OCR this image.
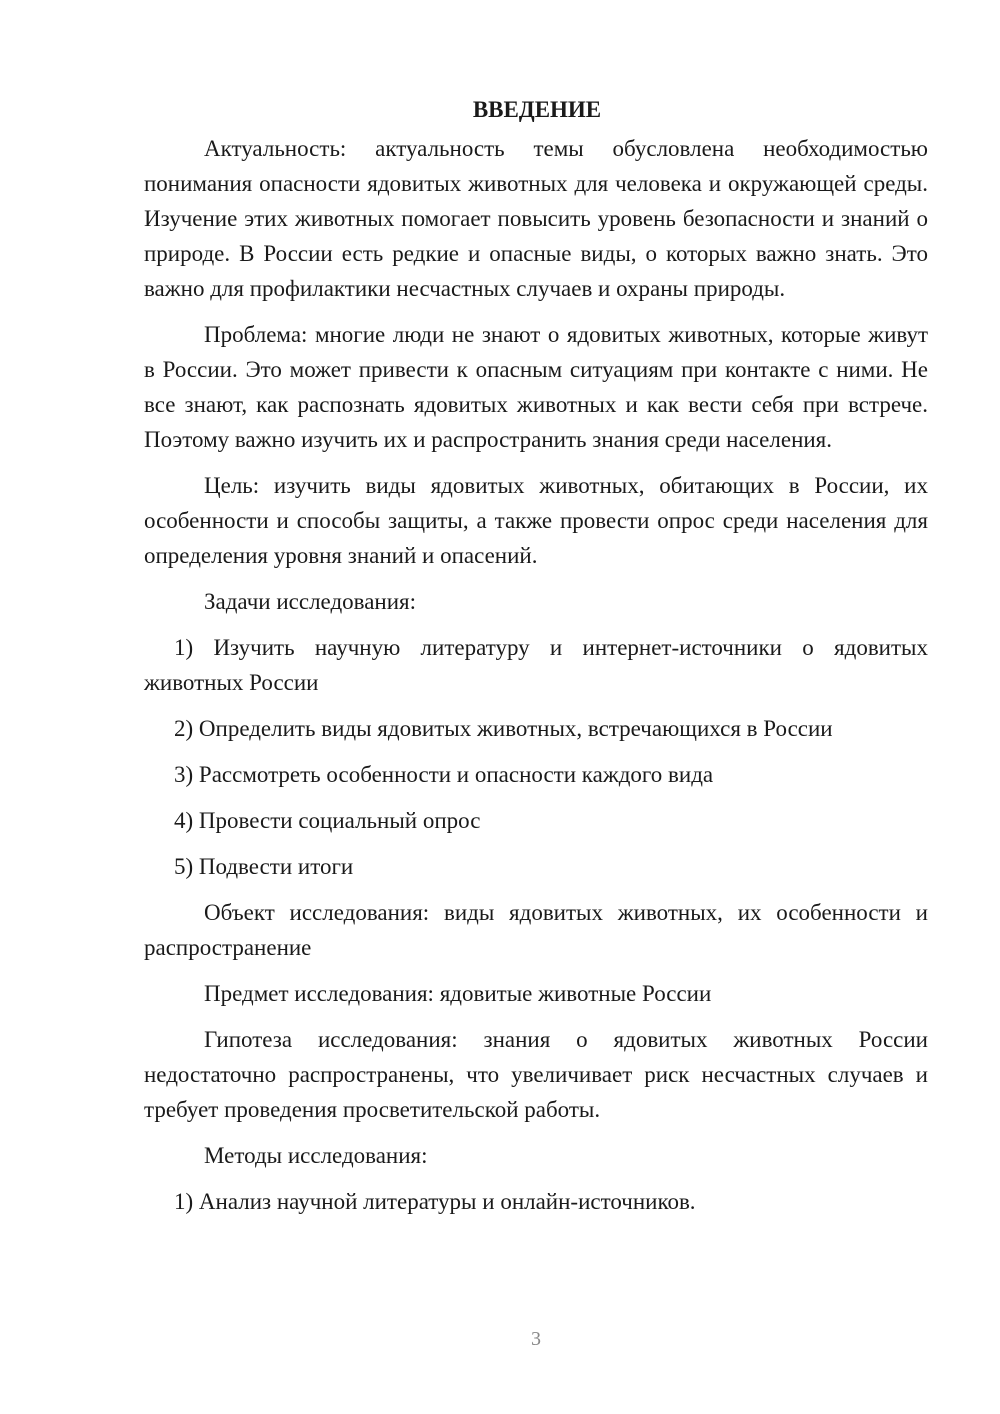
ВВЕДЕНИЕ

Актуальность: актуальность темы обусловлена необходимостью понимания опасности ядовитых животных для человека и окружающей среды. Изучение этих животных помогает повысить уровень безопасности и знаний о природе. В России есть редкие и опасные виды, о которых важно знать. Это важно для профилактики несчастных случаев и охраны природы.

Проблема: многие люди не знают о ядовитых животных, которые живут в России. Это может привести к опасным ситуациям при контакте с ними. Не все знают, как распознать ядовитых животных и как вести себя при встрече. Поэтому важно изучить их и распространить знания среди населения.

Цель: изучить виды ядовитых животных, обитающих в России, их особенности и способы защиты, а также провести опрос среди населения для определения уровня знаний и опасений.

Задачи исследования:

1) Изучить научную литературу и интернет-источники о ядовитых животных России

2) Определить виды ядовитых животных, встречающихся в России

3) Рассмотреть особенности и опасности каждого вида

4) Провести социальный опрос

5) Подвести итоги

Объект исследования: виды ядовитых животных, их особенности и распространение

Предмет исследования: ядовитые животные России

Гипотеза исследования: знания о ядовитых животных России недостаточно распространены, что увеличивает риск несчастных случаев и требует проведения просветительской работы.

Методы исследования:

1) Анализ научной литературы и онлайн-источников.

3
